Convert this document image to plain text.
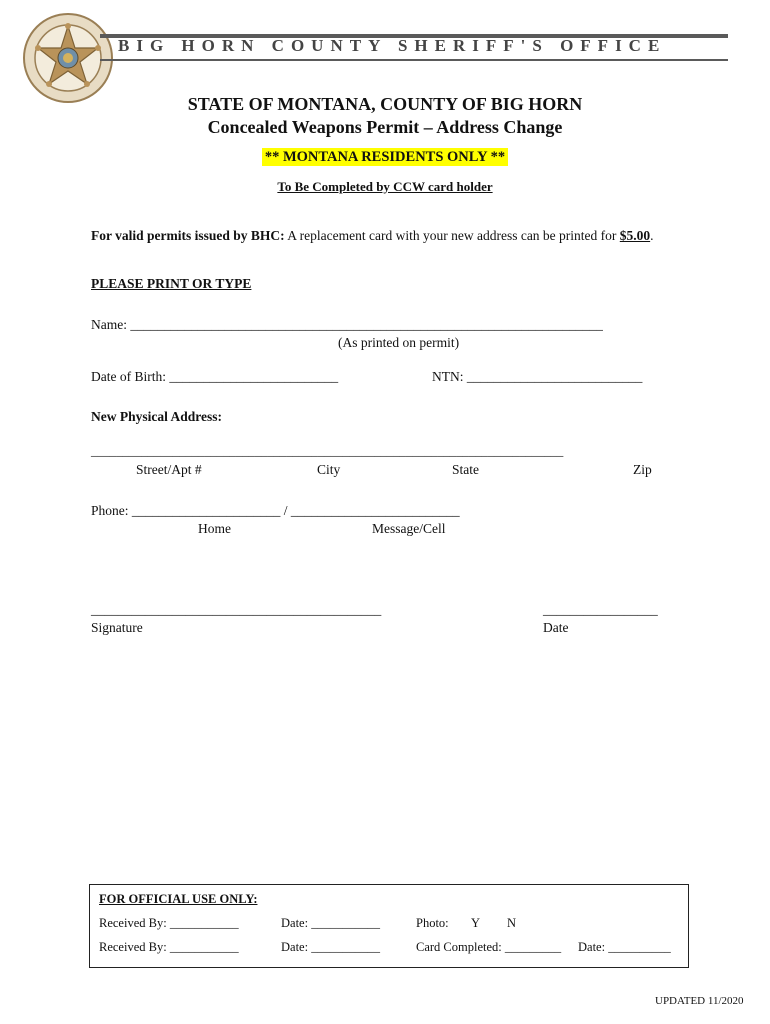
BIG HORN COUNTY SHERIFF'S OFFICE
STATE OF MONTANA, COUNTY OF BIG HORN
Concealed Weapons Permit – Address Change
** MONTANA RESIDENTS ONLY **
To Be Completed by CCW card holder
For valid permits issued by BHC: A replacement card with your new address can be printed for $5.00.
PLEASE PRINT OR TYPE
Name: ______________________________________________________________________
(As printed on permit)
Date of Birth: _________________________	NTN: __________________________
New Physical Address:
___________________________________________________________________________
Street/Apt #	City	State	Zip
Phone: ______________________ / _________________________
Home	Message/Cell
___________________________________________
Signature
_________________
Date
FOR OFFICIAL USE ONLY:
Received By: ___________	Date: ___________	Photo: Y N
Received By: ___________	Date: ___________	Card Completed: _________ Date: __________
UPDATED 11/2020
